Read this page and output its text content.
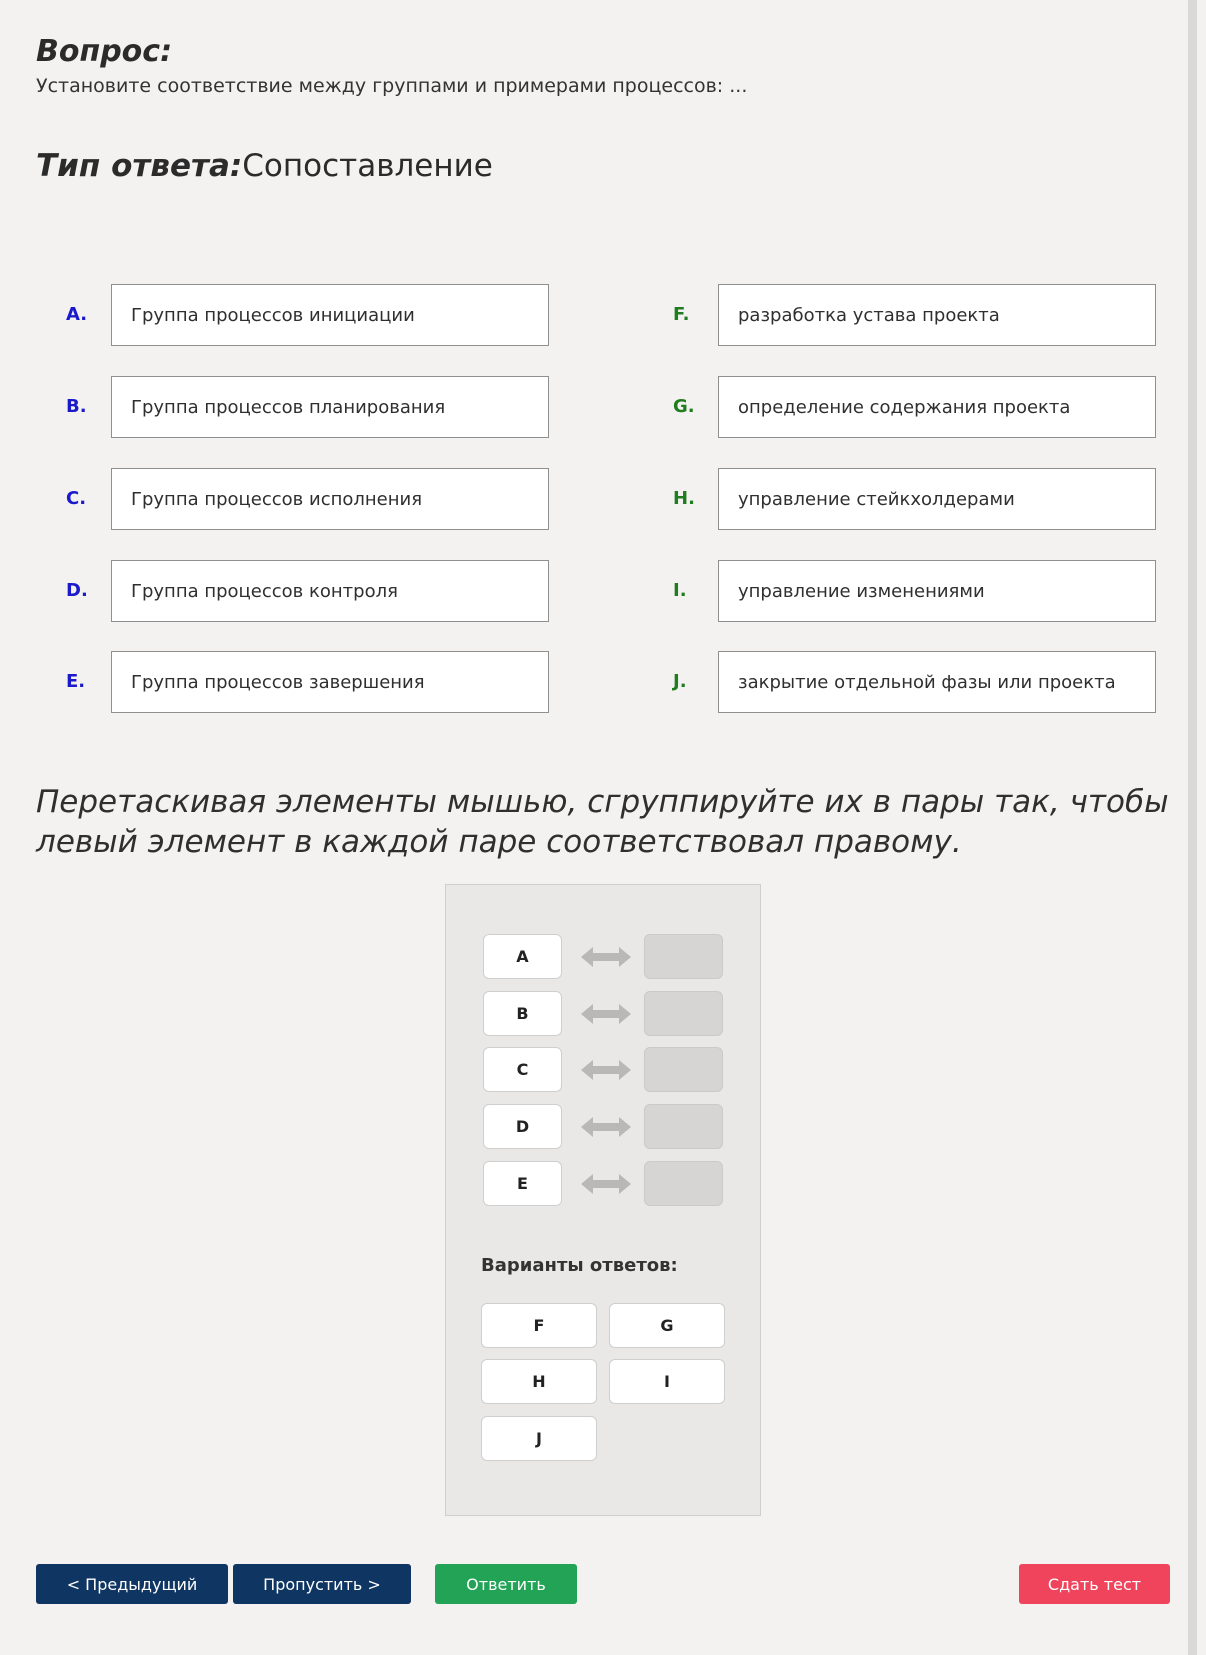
Вопрос:
Установите соответствие между группами и примерами процессов: ...
Тип ответа:Сопоставление
A. Группа процессов инициации
B. Группа процессов планирования
C. Группа процессов исполнения
D. Группа процессов контроля
E.	Группа процессов завершения
F.	разработка устава проекта
G. определение содержания проекта
H. управление стейкхолдерами
I.	управление изменениями
J.	закрытие отдельной фазы или проекта
Перетаскивая элементы мышью, сгруппируйте их в пары так, чтобы левый элемент в каждой паре соответствовал правому.
A
B
C
D
E
Варианты ответов:
F	G
H	I
J
< Предыдущий	Пропустить >	Ответить	Сдать тест
